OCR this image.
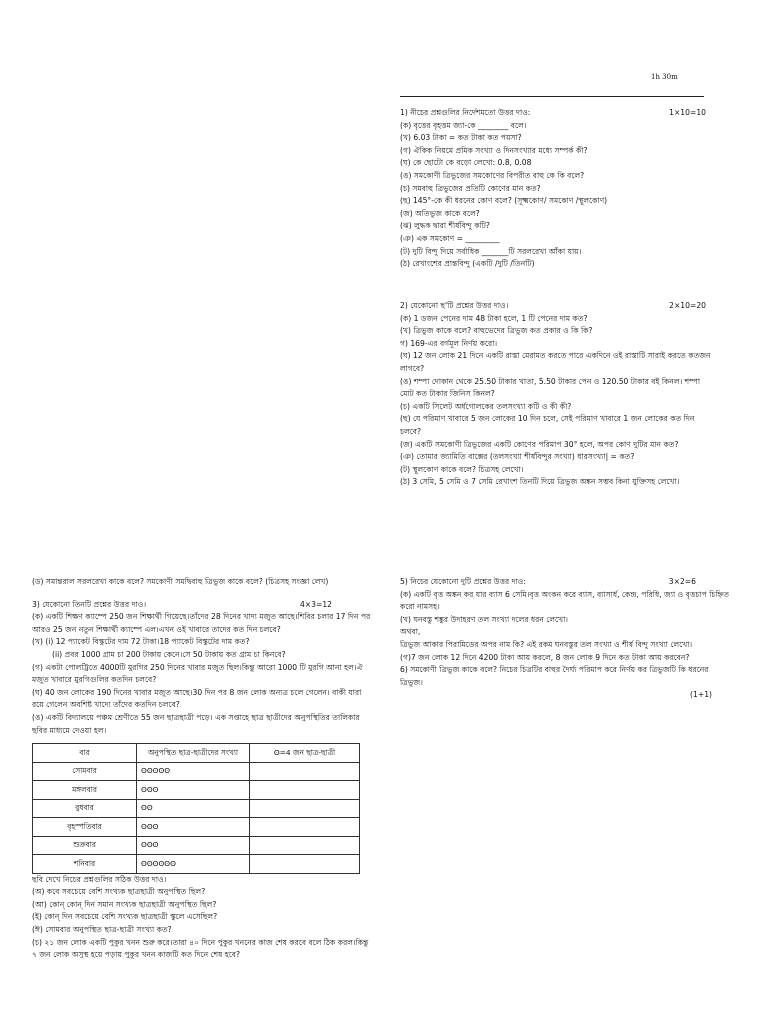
1h 30m
1) নীচের প্রশ্নগুলির নির্দেশমতো উত্তর দাও:	1×10=10
(ক) বৃত্তের বৃহত্তম জ্যা-কে ________ বলে।
(খ) 6.03 টাকা = কত টাকা কত পয়সা?
(গ) ঐকিক নিয়মে প্রমিক সংখ্যা ও দিনসংখ্যার মধ্যে সম্পর্ক কী?
(ঘ) কে ছোটো কে বড়ো লেখো: 0.8, 0.08
(ঙ) সমকোণী ত্রিভুজের সমকোণের বিপরীত বাহু কে কি বলে?
(চ) সমবাহু ত্রিভুজের প্রতিটি কোণের মান কত?
(ছ) 145°-কে কী ধরনের কোণ বলে? (সূক্ষ্মকোণ/ সমকোণ /স্থূলকোণ)
(জ) অতিভুজ কাকে বলে?
(ঝ) লুদ্ধক দ্বারা শীর্ষবিন্দু কটি?
(ঞ) এক সমকোণ = _________
(ট) দুটি বিন্দু দিয়ে সর্বাধিক _______টি সরলরেখা আঁকা যায়।
(ঠ) রেখাংশের প্রান্তবিন্দু (একটি /দুটি /তিনটি)
2) যেকোনো ছ'টি প্রশ্নের উত্তর দাও।	2×10=20
(ক) 1 ডজন পেনের দাম 48 টাকা হলে, 1 টি পেনের দাম কত?
(খ) ত্রিভুজ কাকে বলে? বাহুভেদের ত্রিভুজ কত প্রকার ও কি কি?
গ) 169-এর বর্গমূল নির্ণয় করো।
(ঘ) 12 জন লোক 21 দিনে একটি রাস্তা মেরামত করতে পারে একদিনে ওই রাস্তাটি সারাই করতে কতজন লাগবে?
(ঙ) শম্পা দোকান থেকে 25.50 টাকার খাতা, 5.50 টাকার পেন ও 120.50 টাকার বই কিনল। শম্পা মোট কত টাকার জিনিস কিনল?
(চ) একটি সিলেট অর্ধগোলকের তলসংখ্যা কটি ও কী কী?
(ছ) যে পরিমাণ খাবারে 5 জন লোকের 10 দিন চলে, সেই পরিমাণ খাবারে 1 জন লোকের কত দিন চলবে?
(জ) একটি সমকোণী ত্রিভুজের একটি কোণের পরিমাপ 30° হলে, অপর কোণ দুটির মান কত?
(ঞ) তোমার জ্যামিতি বাক্সের (তলসংখ্যা শীর্ষবিন্দুর সংখ্যা) ধারসংখ্যা| = কত?
(ট) স্থূলকোণ কাকে বলে? চিত্রসহ লেখো।
(ঠ) 3 সেমি, 5 সেমি ও 7 সেমি রেখাংশ তিনটি দিয়ে ত্রিভুজ অঙ্কন সম্ভব কিনা যুক্তিসহ লেখো।
(ড) সমান্তরাল সরলরেখা কাকে বলে? সমকোণী সমদ্বিবাহু ত্রিভুজ কাকে বলে? (চিত্রসহ সংজ্ঞা লেখ)
3) যেকোনো তিনটি প্রশ্নের উত্তর দাও।	4×3=12
(ক) একটি শিক্ষণ ক্যাম্পে 250 জন শিক্ষার্থী গিয়েছে।তাঁদের 28 দিনের খাদ্য মজুত আছে।শিবির চলার 17 দিন পর আরও 25 জন নতুন শিক্ষার্থী ক্যাম্পে এল।এখন ওই খাবারে তাদের কত দিন চলবে?
(খ) (i) 12 প্যাকেট বিস্কুটের দাম 72 টাকা।18 প্যাকেট বিস্কুটের দাম কত?
(ii) প্রবর 1000 গ্রাম চা 200 টাকায় কেনে।সে 50 টাকায় কত গ্রাম চা কিনবে?
(গ) একটা পোলট্রিতে 4000টি মুরগির 250 দিনের খাবার মজুত ছিল।কিন্তু আরো 1000 টি মুরগি আনা হল।ঐ মজুত খাবারে মুরগিগুলির কতদিন চলবে?
(ঘ) 40 জন লোকের 190 দিনের খাবার মজুত আছে।30 দিন পর 8 জন লোক অন্যত্র চলে গেলেন। বাকী যারা রয়ে গেলেন অবশিষ্ট খাদ্যে তাঁদের কতদিন চলবে?
(ঙ) একটি বিদ্যালয়ে পঞ্চম শ্রেণীতে 55 জন ছাত্রছাত্রী পড়ে। এক সপ্তাহে ছাত্র ছাত্রীদের অনুপস্থিতির তালিকার ছবির মাধ্যমে দেওয়া হল।
বার	অনুপস্থিত ছাত্র-ছাত্রীদের সংখ্যা	ʘ=4 জন ছাত্র-ছাত্রী
সোমবার	ʘʘʘʘʘ	
মঙ্গলবার	ʘʘʘ	
বুধবার	ʘʘ	
বৃহস্পতিবার	ʘʘʘ	
শুক্রবার	ʘʘʘ	
শনিবার	ʘʘʘʘʘʘ	
ছবি দেখে নিচের প্রশ্নগুলির সঠিক উত্তর দাও।
(অ) কবে সবচেয়ে বেশি সংখ্যক ছাত্রছাত্রী অনুপস্থিত ছিল?
(আ) কোন্ কোন্ দিন সমান সংখ্যক ছাত্রছাত্রী অনুপস্থিত ছিল?
(ই) কোন্ দিন সবচেয়ে বেশি সংখ্যক ছাত্রছাত্রী স্কুলে এসেছিল?
(ঈ) সোমবার অনুপস্থিত ছাত্র-ছাত্রী সংখ্যা কত?
(চ) ২১ জন লোক একটি পুকুর খনন শুরু করে।তারা ৪০ দিনে পুকুর খননের কাজ শেষ করবে বলে ঠিক করল।কিন্তু ৭ জন লোক অসুস্থ হয়ে পড়ায় পুকুর খনন কাজটি কত দিনে শেষ হবে?
5) নিচের যেকোনো দুটি প্রশ্নের উত্তর দাও:	3×2=6
(ক) একটি বৃত্ত অঙ্কন কর যার ব্যাস 6 সেমি।বৃত্ত অংকন করে ব্যাস, ব্যাসার্ধ, কেন্দ্র, পরিধি, জ্যা ও বৃত্তচাপ চিহ্নিত করো নামসহ।
(খ) ঘনবস্তু শঙ্কুর উদাহরণ তল সংখ্যা দলের ধরন লেখো।
অথবা,
ত্রিভুজ আকার পিরামিডের অপর নাম কি? এই রকম ঘনবস্তুর তল সংখ্যা ও শীর্ষ বিন্দু সংখ্যা লেখো।
(গ)7 জন লোক 12 দিনে 4200 টাকা আয় করলে, 8 জন লোক 9 দিনে কত টাকা আয় করবেন?
6) সমকোণী ত্রিভুজ কাকে বলে? নিচের চিত্রটির বাহুর দৈর্ঘ্য পরিমাপ করে নির্ণয় কর ত্রিভুজটি কি ধরনের ত্রিভুজ।
(1+1)
